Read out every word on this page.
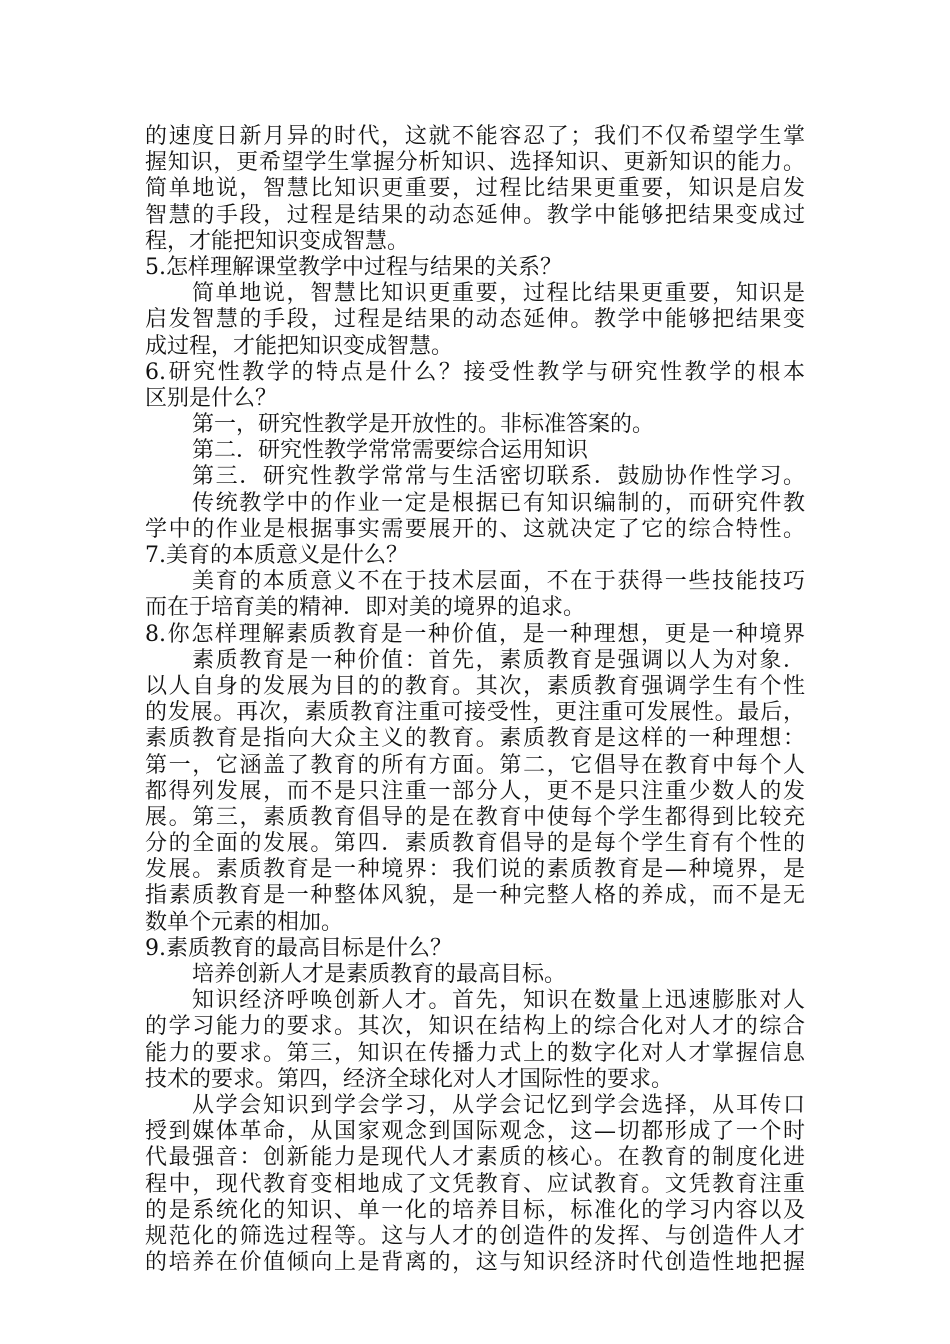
的速度日新月异的时代，这就不能容忍了；我们不仅希望学生掌
握知识，更希望学生掌握分析知识、选择知识、更新知识的能力。
简单地说，智慧比知识更重要，过程比结果更重要，知识是启发
智慧的手段，过程是结果的动态延伸。教学中能够把结果变成过
程，才能把知识变成智慧。
5.怎样理解课堂教学中过程与结果的关系？
简单地说，智慧比知识更重要，过程比结果更重要，知识是
启发智慧的手段，过程是结果的动态延伸。教学中能够把结果变
成过程，才能把知识变成智慧。
6.研究性教学的特点是什么？接受性教学与研究性教学的根本
区别是什么？
第一，研究性教学是开放性的。非标准答案的。
第二．研究性教学常常需要综合运用知识
第三．研究性教学常常与生活密切联系．鼓励协作性学习。
传统教学中的作业一定是根据已有知识编制的，而研究件教
学中的作业是根据事实需要展开的、这就决定了它的综合特性。
7.美育的本质意义是什么？
美育的本质意义不在于技术层面，不在于获得一些技能技巧
而在于培育美的精神．即对美的境界的追求。
8.你怎样理解素质教育是一种价值，是一种理想，更是一种境界
素质教育是一种价值：首先，素质教育是强调以人为对象．
以人自身的发展为目的的教育。其次，素质教育强调学生有个性
的发展。再次，素质教育注重可接受性，更注重可发展性。最后，
素质教育是指向大众主义的教育。素质教育是这样的一种理想：
第一，它涵盖了教育的所有方面。第二，它倡导在教育中每个人
都得列发展，而不是只注重一部分人，更不是只注重少数人的发
展。第三，素质教育倡导的是在教育中使每个学生都得到比较充
分的全面的发展。第四．素质教育倡导的是每个学生育有个性的
发展。素质教育是一种境界：我们说的素质教育是—种境界，是
指素质教育是一种整体风貌，是一种完整人格的养成，而不是无
数单个元素的相加。
9.素质教育的最高目标是什么？
培养创新人才是素质教育的最高目标。
知识经济呼唤创新人才。首先，知识在数量上迅速膨胀对人
的学习能力的要求。其次，知识在结构上的综合化对人才的综合
能力的要求。第三，知识在传播力式上的数字化对人才掌握信息
技术的要求。第四，经济全球化对人才国际性的要求。
从学会知识到学会学习，从学会记忆到学会选择，从耳传口
授到媒体革命，从国家观念到国际观念，这—切都形成了一个时
代最强音：创新能力是现代人才素质的核心。在教育的制度化进
程中，现代教育变相地成了文凭教育、应试教育。文凭教育注重
的是系统化的知识、单一化的培养目标，标准化的学习内容以及
规范化的筛选过程等。这与人才的创造件的发挥、与创造件人才
的培养在价值倾向上是背离的，这与知识经济时代创造性地把握
